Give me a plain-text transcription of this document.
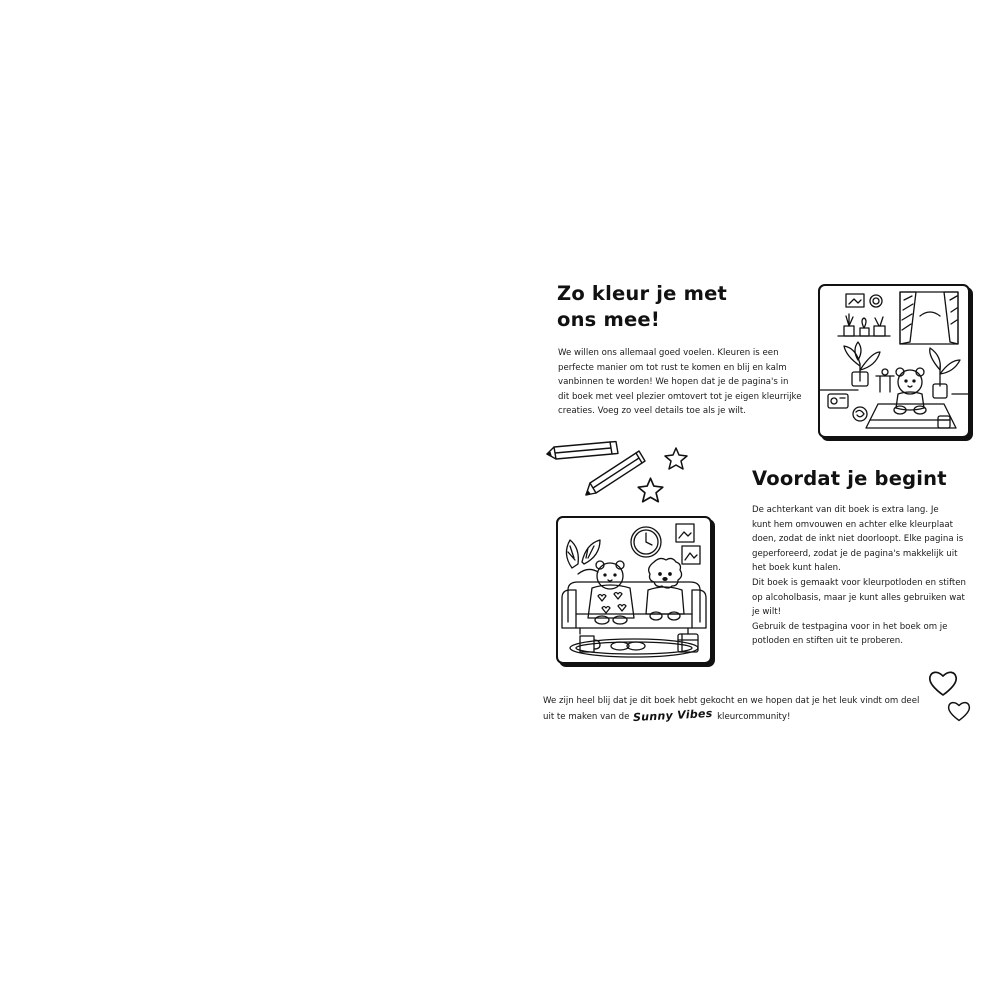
Zo kleur je met
ons mee!

We willen ons allemaal goed voelen. Kleuren is een

perfecte manier om tot rust te komen en blij en kalm

vanbinnen te worden! We hopen dat je de pagina's in

dit boek met veel plezier omtovert tot je eigen kleurrijke

creaties. Voeg zo veel details toe als je wilt.

Voordat je begint

De achterkant van dit boek is extra lang. Je

kunt hem omvouwen en achter elke kleurplaat

doen, zodat de inkt niet doorloopt. Elke pagina is

geperforeerd, zodat je de pagina's makkelijk uit

het boek kunt halen.

Dit boek is gemaakt voor kleurpotloden en stiften

op alcoholbasis, maar je kunt alles gebruiken wat

je wilt!

Gebruik de testpagina voor in het boek om je

potloden en stiften uit te proberen.

We zijn heel blij dat je dit boek hebt gekocht en we hopen dat je het leuk vindt om deel

uit te maken van de Sunny Vibes kleurcommunity!
